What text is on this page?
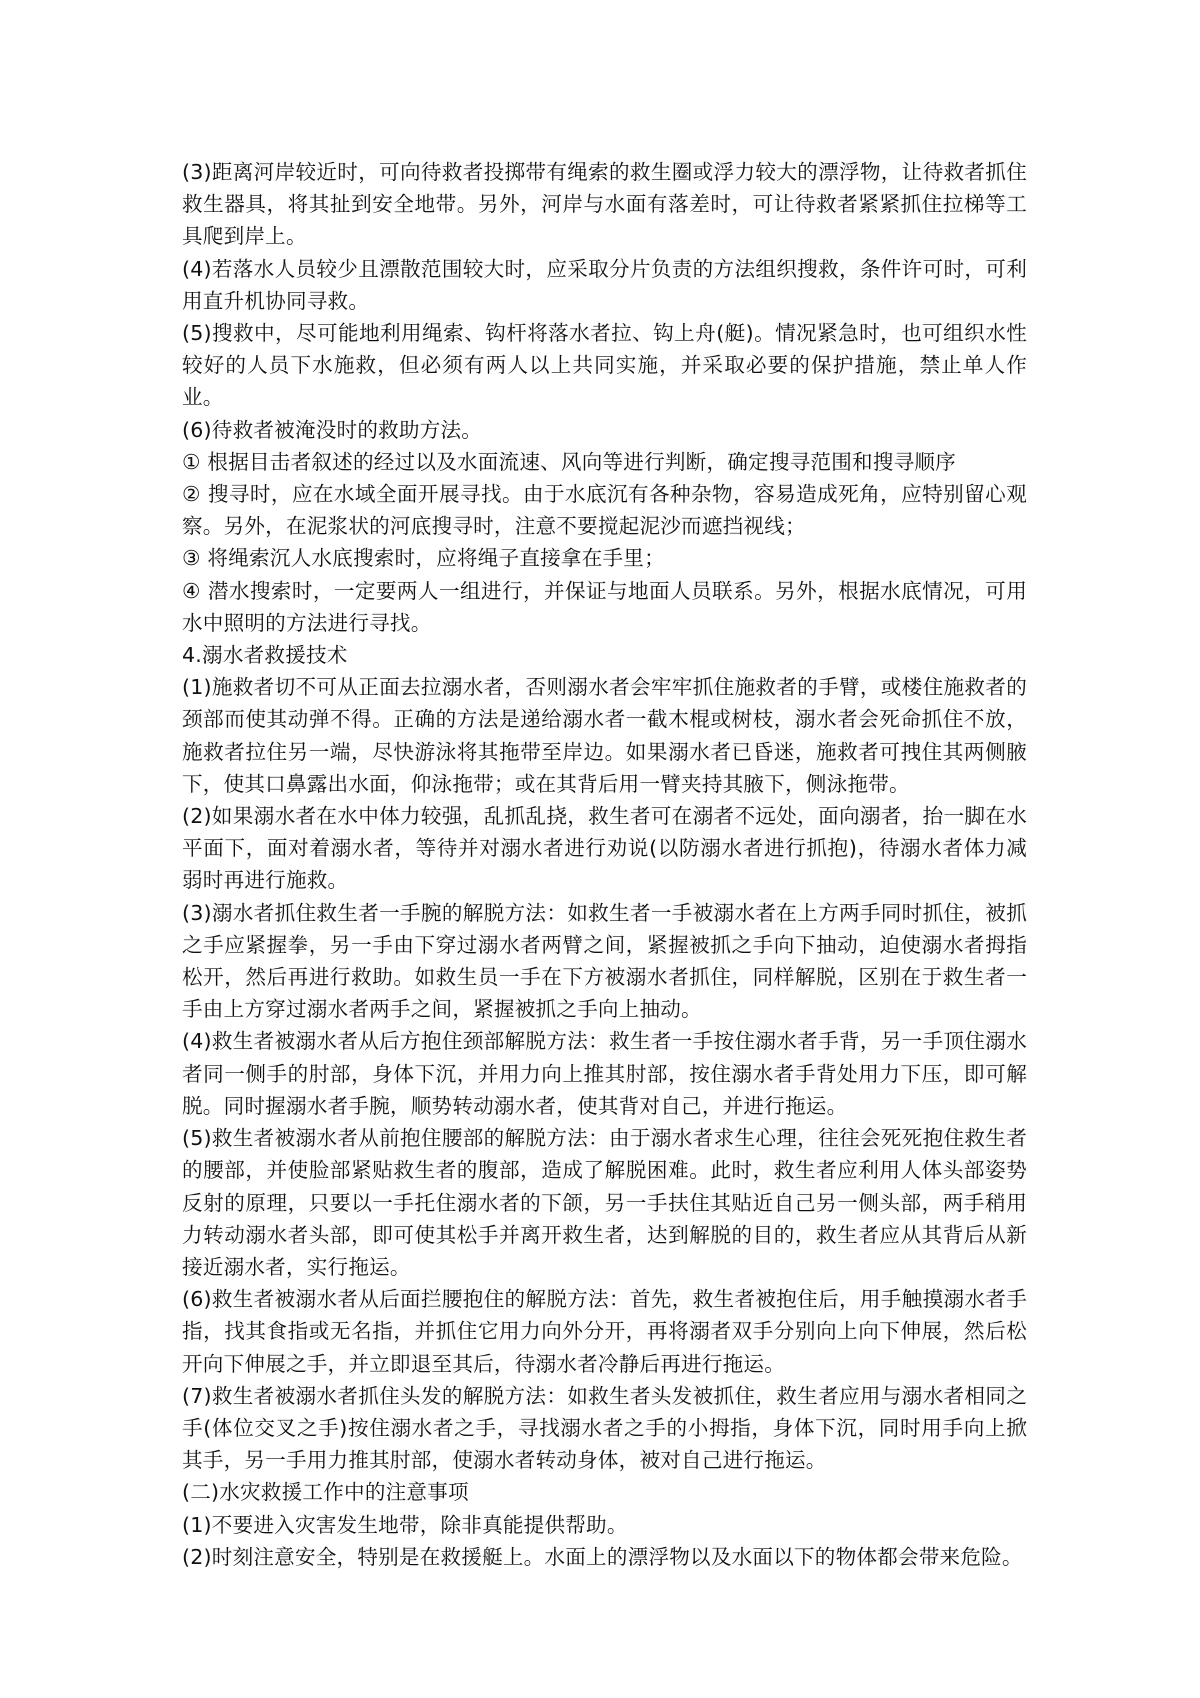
(3)距离河岸较近时，可向待救者投掷带有绳索的救生圈或浮力较大的漂浮物，让待救者抓住救生器具，将其扯到安全地带。另外，河岸与水面有落差时，可让待救者紧紧抓住拉梯等工具爬到岸上。

(4)若落水人员较少且漂散范围较大时，应采取分片负责的方法组织搜救，条件许可时，可利用直升机协同寻救。

(5)搜救中，尽可能地利用绳索、钩杆将落水者拉、钩上舟(艇)。情况紧急时，也可组织水性较好的人员下水施救，但必须有两人以上共同实施，并采取必要的保护措施，禁止单人作业。

(6)待救者被淹没时的救助方法。

① 根据目击者叙述的经过以及水面流速、风向等进行判断，确定搜寻范围和搜寻顺序

② 搜寻时，应在水域全面开展寻找。由于水底沉有各种杂物，容易造成死角，应特别留心观察。另外，在泥浆状的河底搜寻时，注意不要搅起泥沙而遮挡视线；

③ 将绳索沉人水底搜索时，应将绳子直接拿在手里；

④ 潜水搜索时，一定要两人一组进行，并保证与地面人员联系。另外，根据水底情况，可用水中照明的方法进行寻找。

4.溺水者救援技术

(1)施救者切不可从正面去拉溺水者，否则溺水者会牢牢抓住施救者的手臂，或楼住施救者的颈部而使其动弹不得。正确的方法是递给溺水者一截木棍或树枝，溺水者会死命抓住不放，施救者拉住另一端，尽快游泳将其拖带至岸边。如果溺水者已昏迷，施救者可拽住其两侧腋下，使其口鼻露出水面，仰泳拖带；或在其背后用一臂夹持其腋下，侧泳拖带。

(2)如果溺水者在水中体力较强，乱抓乱挠，救生者可在溺者不远处，面向溺者，抬一脚在水平面下，面对着溺水者，等待并对溺水者进行劝说(以防溺水者进行抓抱)，待溺水者体力减弱时再进行施救。

(3)溺水者抓住救生者一手腕的解脱方法：如救生者一手被溺水者在上方两手同时抓住，被抓之手应紧握拳，另一手由下穿过溺水者两臂之间，紧握被抓之手向下抽动，迫使溺水者拇指松开，然后再进行救助。如救生员一手在下方被溺水者抓住，同样解脱，区别在于救生者一手由上方穿过溺水者两手之间，紧握被抓之手向上抽动。

(4)救生者被溺水者从后方抱住颈部解脱方法：救生者一手按住溺水者手背，另一手顶住溺水者同一侧手的肘部，身体下沉，并用力向上推其肘部，按住溺水者手背处用力下压，即可解脱。同时握溺水者手腕，顺势转动溺水者，使其背对自己，并进行拖运。

(5)救生者被溺水者从前抱住腰部的解脱方法：由于溺水者求生心理，往往会死死抱住救生者的腰部，并使脸部紧贴救生者的腹部，造成了解脱困难。此时，救生者应利用人体头部姿势反射的原理，只要以一手托住溺水者的下颌，另一手扶住其贴近自己另一侧头部，两手稍用力转动溺水者头部，即可使其松手并离开救生者，达到解脱的目的，救生者应从其背后从新接近溺水者，实行拖运。

(6)救生者被溺水者从后面拦腰抱住的解脱方法：首先，救生者被抱住后，用手触摸溺水者手指，找其食指或无名指，并抓住它用力向外分开，再将溺者双手分别向上向下伸展，然后松开向下伸展之手，并立即退至其后，待溺水者冷静后再进行拖运。

(7)救生者被溺水者抓住头发的解脱方法：如救生者头发被抓住，救生者应用与溺水者相同之手(体位交叉之手)按住溺水者之手，寻找溺水者之手的小拇指，身体下沉，同时用手向上掀其手，另一手用力推其肘部，使溺水者转动身体，被对自己进行拖运。

(二)水灾救援工作中的注意事项

(1)不要进入灾害发生地带，除非真能提供帮助。

(2)时刻注意安全，特别是在救援艇上。水面上的漂浮物以及水面以下的物体都会带来危险。
